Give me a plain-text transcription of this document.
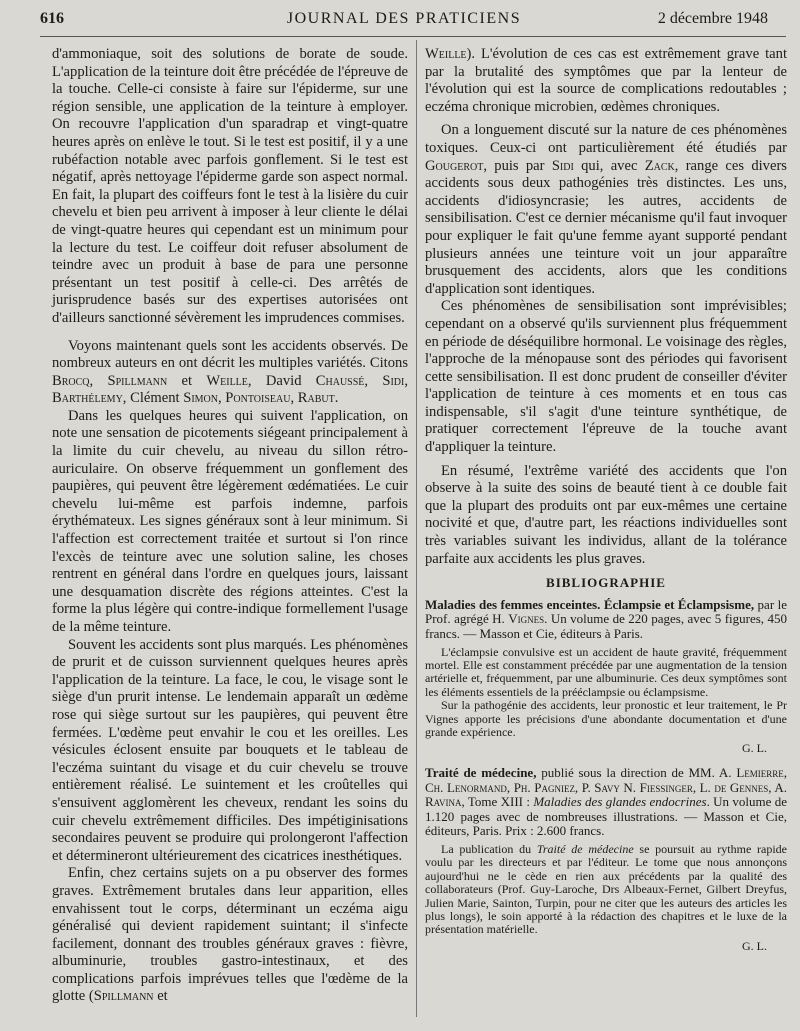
616	JOURNAL DES PRATICIENS	2 décembre 1948

d'ammoniaque, soit des solutions de borate de soude. L'application de la teinture doit être précédée de l'épreuve de la touche. Celle-ci consiste à faire sur l'épiderme, sur une région sensible, une application de la teinture à employer. On recouvre l'application d'un sparadrap et vingt-quatre heures après on enlève le tout. Si le test est positif, il y a une rubéfaction notable avec parfois gonflement. Si le test est négatif, après nettoyage l'épiderme garde son aspect normal. En fait, la plupart des coiffeurs font le test à la lisière du cuir chevelu et bien peu arrivent à imposer à leur cliente le délai de vingt-quatre heures qui cependant est un minimum pour la lecture du test. Le coiffeur doit refuser absolument de teindre avec un produit à base de para une personne présentant un test positif à celle-ci. Des arrêtés de jurisprudence basés sur des expertises autorisées ont d'ailleurs sanctionné sévèrement les imprudences commises.

Voyons maintenant quels sont les accidents observés. De nombreux auteurs en ont décrit les multiples variétés. Citons Brocq, Spillmann et Weille, David Chaussé, Sidi, Barthélemy, Clément Simon, Pontoiseau, Rabut.

Dans les quelques heures qui suivent l'application, on note une sensation de picotements siégeant principalement à la limite du cuir chevelu, au niveau du sillon rétro-auriculaire. On observe fréquemment un gonflement des paupières, qui peuvent être légèrement œdématiées. Le cuir chevelu lui-même est parfois indemne, parfois érythémateux. Les signes généraux sont à leur minimum. Si l'affection est correctement traitée et surtout si l'on rince l'excès de teinture avec une solution saline, les choses rentrent en général dans l'ordre en quelques jours, laissant une desquamation discrète des régions atteintes. C'est la forme la plus légère qui contre-indique formellement l'usage de la même teinture.

Souvent les accidents sont plus marqués. Les phénomènes de prurit et de cuisson surviennent quelques heures après l'application de la teinture. La face, le cou, le visage sont le siège d'un prurit intense. Le lendemain apparaît un œdème rose qui siège surtout sur les paupières, qui peuvent être fermées. L'œdème peut envahir le cou et les oreilles. Les vésicules éclosent ensuite par bouquets et le tableau de l'eczéma suintant du visage et du cuir chevelu se trouve entièrement réalisé. Le suintement et les croûtelles qui s'ensuivent agglomèrent les cheveux, rendant les soins du cuir chevelu extrêmement difficiles. Des impétiginisations secondaires peuvent se produire qui prolongeront l'affection et détermineront ultérieurement des cicatrices inesthétiques.

Enfin, chez certains sujets on a pu observer des formes graves. Extrêmement brutales dans leur apparition, elles envahissent tout le corps, déterminant un eczéma aigu généralisé qui devient rapidement suintant; il s'infecte facilement, donnant des troubles généraux graves : fièvre, albuminurie, troubles gastro-intestinaux, et des complications parfois imprévues telles que l'œdème de la glotte (Spillmann et

Weille). L'évolution de ces cas est extrêmement grave tant par la brutalité des symptômes que par la lenteur de l'évolution qui est la source de complications redoutables ; eczéma chronique microbien, œdèmes chroniques.

On a longuement discuté sur la nature de ces phénomènes toxiques. Ceux-ci ont particulièrement été étudiés par Gougerot, puis par Sidi qui, avec Zack, range ces divers accidents sous deux pathogénies très distinctes. Les uns, accidents d'idiosyncrasie; les autres, accidents de sensibilisation. C'est ce dernier mécanisme qu'il faut invoquer pour expliquer le fait qu'une femme ayant supporté pendant plusieurs années une teinture voit un jour apparaître brusquement des accidents, alors que les conditions d'application sont identiques.

Ces phénomènes de sensibilisation sont imprévisibles; cependant on a observé qu'ils surviennent plus fréquemment en période de déséquilibre hormonal. Le voisinage des règles, l'approche de la ménopause sont des périodes qui favorisent cette sensibilisation. Il est donc prudent de conseiller d'éviter l'application de teinture à ces moments et en tous cas indispensable, s'il s'agit d'une teinture synthétique, de pratiquer correctement l'épreuve de la touche avant d'appliquer la teinture.

En résumé, l'extrême variété des accidents que l'on observe à la suite des soins de beauté tient à ce double fait que la plupart des produits ont par eux-mêmes une certaine nocivité et que, d'autre part, les réactions individuelles sont très variables suivant les individus, allant de la tolérance parfaite aux accidents les plus graves.

BIBLIOGRAPHIE
Maladies des femmes enceintes. Éclampsie et Éclampsisme, par le Prof. agrégé H. Vignes. Un volume de 220 pages, avec 5 figures, 450 francs. — Masson et Cie, éditeurs à Paris.

L'éclampsie convulsive est un accident de haute gravité, fréquemment mortel. Elle est constamment précédée par une augmentation de la tension artérielle et, fréquemment, par une albuminurie. Ces deux symptômes sont les éléments essentiels de la prééclampsie ou éclampsisme.

Sur la pathogénie des accidents, leur pronostic et leur traitement, le Pr Vignes apporte les précisions d'une abondante documentation et d'une grande expérience.

G. L.
Traité de médecine, publié sous la direction de MM. A. Lemierre, Ch. Lenormand, Ph. Pagniez, P. Savy N. Fiessinger, L. de Gennes, A. Ravina, Tome XIII : Maladies des glandes endocrines. Un volume de 1.120 pages avec de nombreuses illustrations. — Masson et Cie, éditeurs, Paris. Prix : 2.600 francs.

La publication du Traité de médecine se poursuit au rythme rapide voulu par les directeurs et par l'éditeur. Le tome que nous annonçons aujourd'hui ne le cède en rien aux précédents par la qualité des collaborateurs (Prof. Guy-Laroche, Drs Albeaux-Fernet, Gilbert Dreyfus, Julien Marie, Sainton, Turpin, pour ne citer que les auteurs des articles les plus longs), le soin apporté à la rédaction des chapitres et le luxe de la présentation matérielle.

G. L.
